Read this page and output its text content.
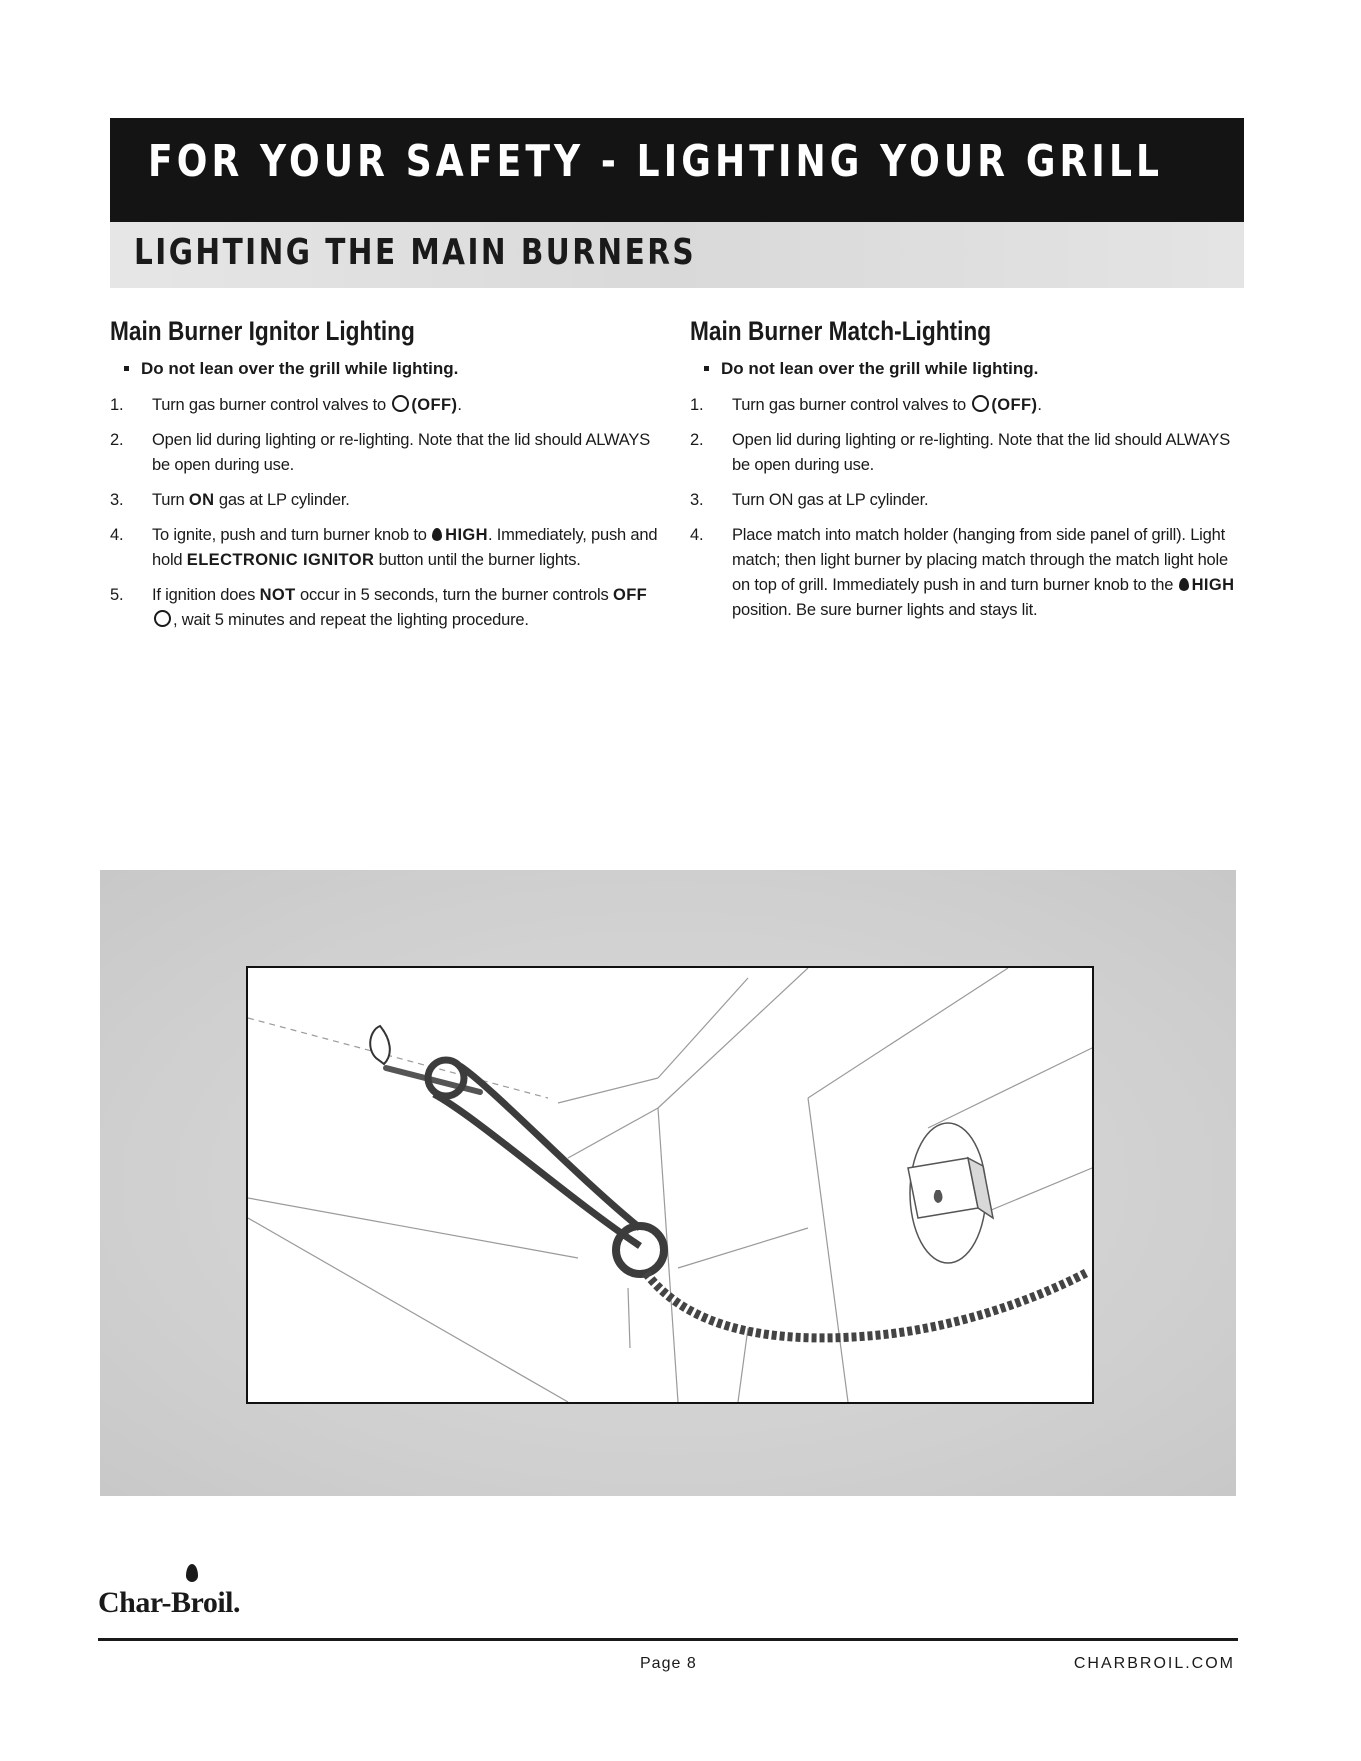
FOR YOUR SAFETY - LIGHTING YOUR GRILL
LIGHTING THE MAIN BURNERS
Main Burner Ignitor Lighting
Do not lean over the grill while lighting.
1. Turn gas burner control valves to (OFF).
2. Open lid during lighting or re-lighting. Note that the lid should ALWAYS be open during use.
3. Turn ON gas at LP cylinder.
4. To ignite, push and turn burner knob to HIGH. Immediately, push and hold ELECTRONIC IGNITOR button until the burner lights.
5. If ignition does NOT occur in 5 seconds, turn the burner controls OFF , wait 5 minutes and repeat the lighting procedure.
Main Burner Match-Lighting
Do not lean over the grill while lighting.
1. Turn gas burner control valves to (OFF).
2. Open lid during lighting or re-lighting. Note that the lid should ALWAYS be open during use.
3. Turn ON gas at LP cylinder.
4. Place match into match holder (hanging from side panel of grill). Light match; then light burner by placing match through the match light hole on top of grill. Immediately push in and turn burner knob to the HIGH position. Be sure burner lights and stays lit.

Char-Broil.

Page 8	CHARBROIL.COM
